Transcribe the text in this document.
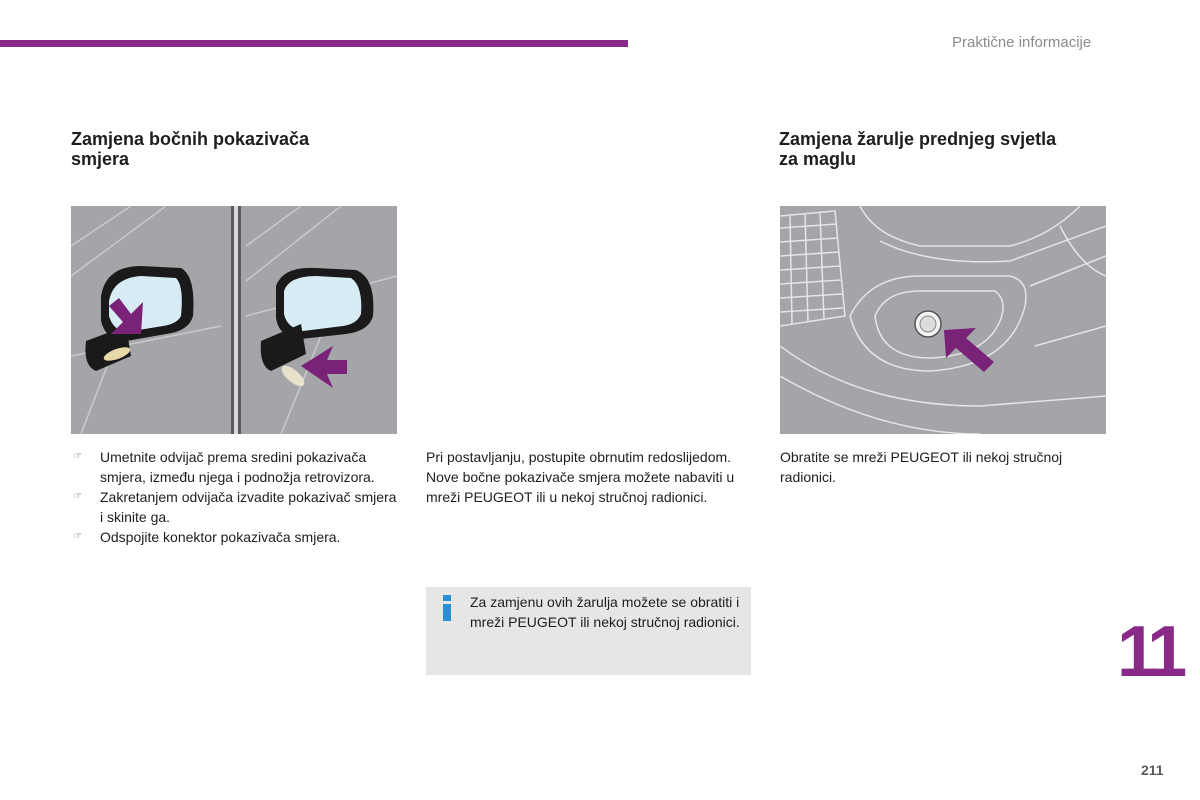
Praktične informacije
Zamjena bočnih pokazivača
smjera
☞ Umetnite odvijač prema sredini pokazivača smjera, između njega i podnožja retrovizora.
☞ Zakretanjem odvijača izvadite pokazivač smjera i skinite ga.
☞ Odspojite konektor pokazivača smjera.

Pri postavljanju, postupite obrnutim redoslijedom.

Nove bočne pokazivače smjera možete nabaviti u mreži PEUGEOT ili u nekoj stručnoj radionici.

Za zamjenu ovih žarulja možete se obratiti i mreži PEUGEOT ili nekoj stručnoj radionici.
Zamjena žarulje prednjeg svjetla
za maglu

Obratite se mreži PEUGEOT ili nekoj stručnoj radionici.

11
211
